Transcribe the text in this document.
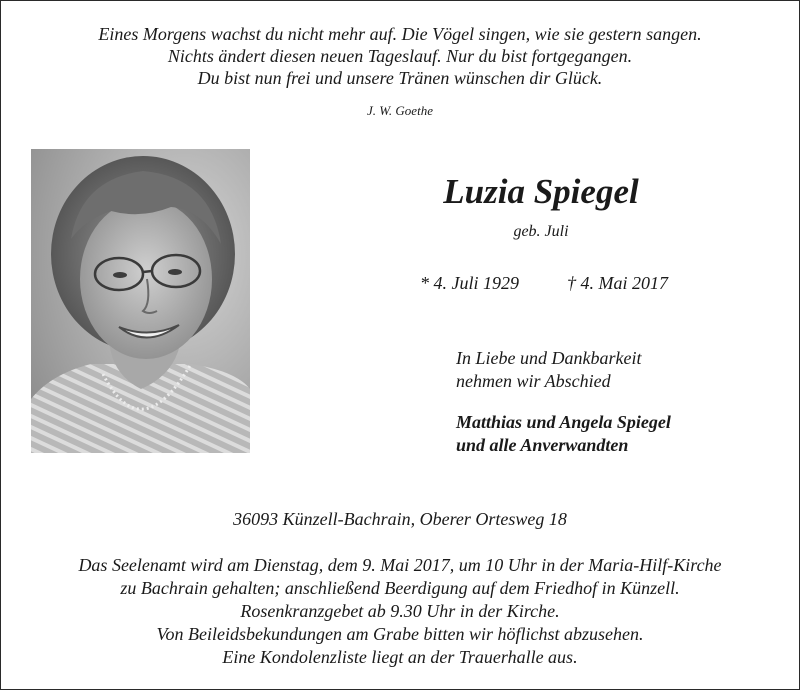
Eines Morgens wachst du nicht mehr auf. Die Vögel singen, wie sie gestern sangen.
Nichts ändert diesen neuen Tageslauf. Nur du bist fortgegangen.
Du bist nun frei und unsere Tränen wünschen dir Glück.
J. W. Goethe
Luzia Spiegel
geb. Juli
* 4. Juli 1929	† 4. Mai 2017
In Liebe und Dankbarkeit
nehmen wir Abschied
Matthias und Angela Spiegel
und alle Anverwandten
36093 Künzell-Bachrain, Oberer Ortesweg 18
Das Seelenamt wird am Dienstag, dem 9. Mai 2017, um 10 Uhr in der Maria-Hilf-Kirche
zu Bachrain gehalten; anschließend Beerdigung auf dem Friedhof in Künzell.
Rosenkranzgebet ab 9.30 Uhr in der Kirche.
Von Beileidsbekundungen am Grabe bitten wir höflichst abzusehen.
Eine Kondolenzliste liegt an der Trauerhalle aus.
